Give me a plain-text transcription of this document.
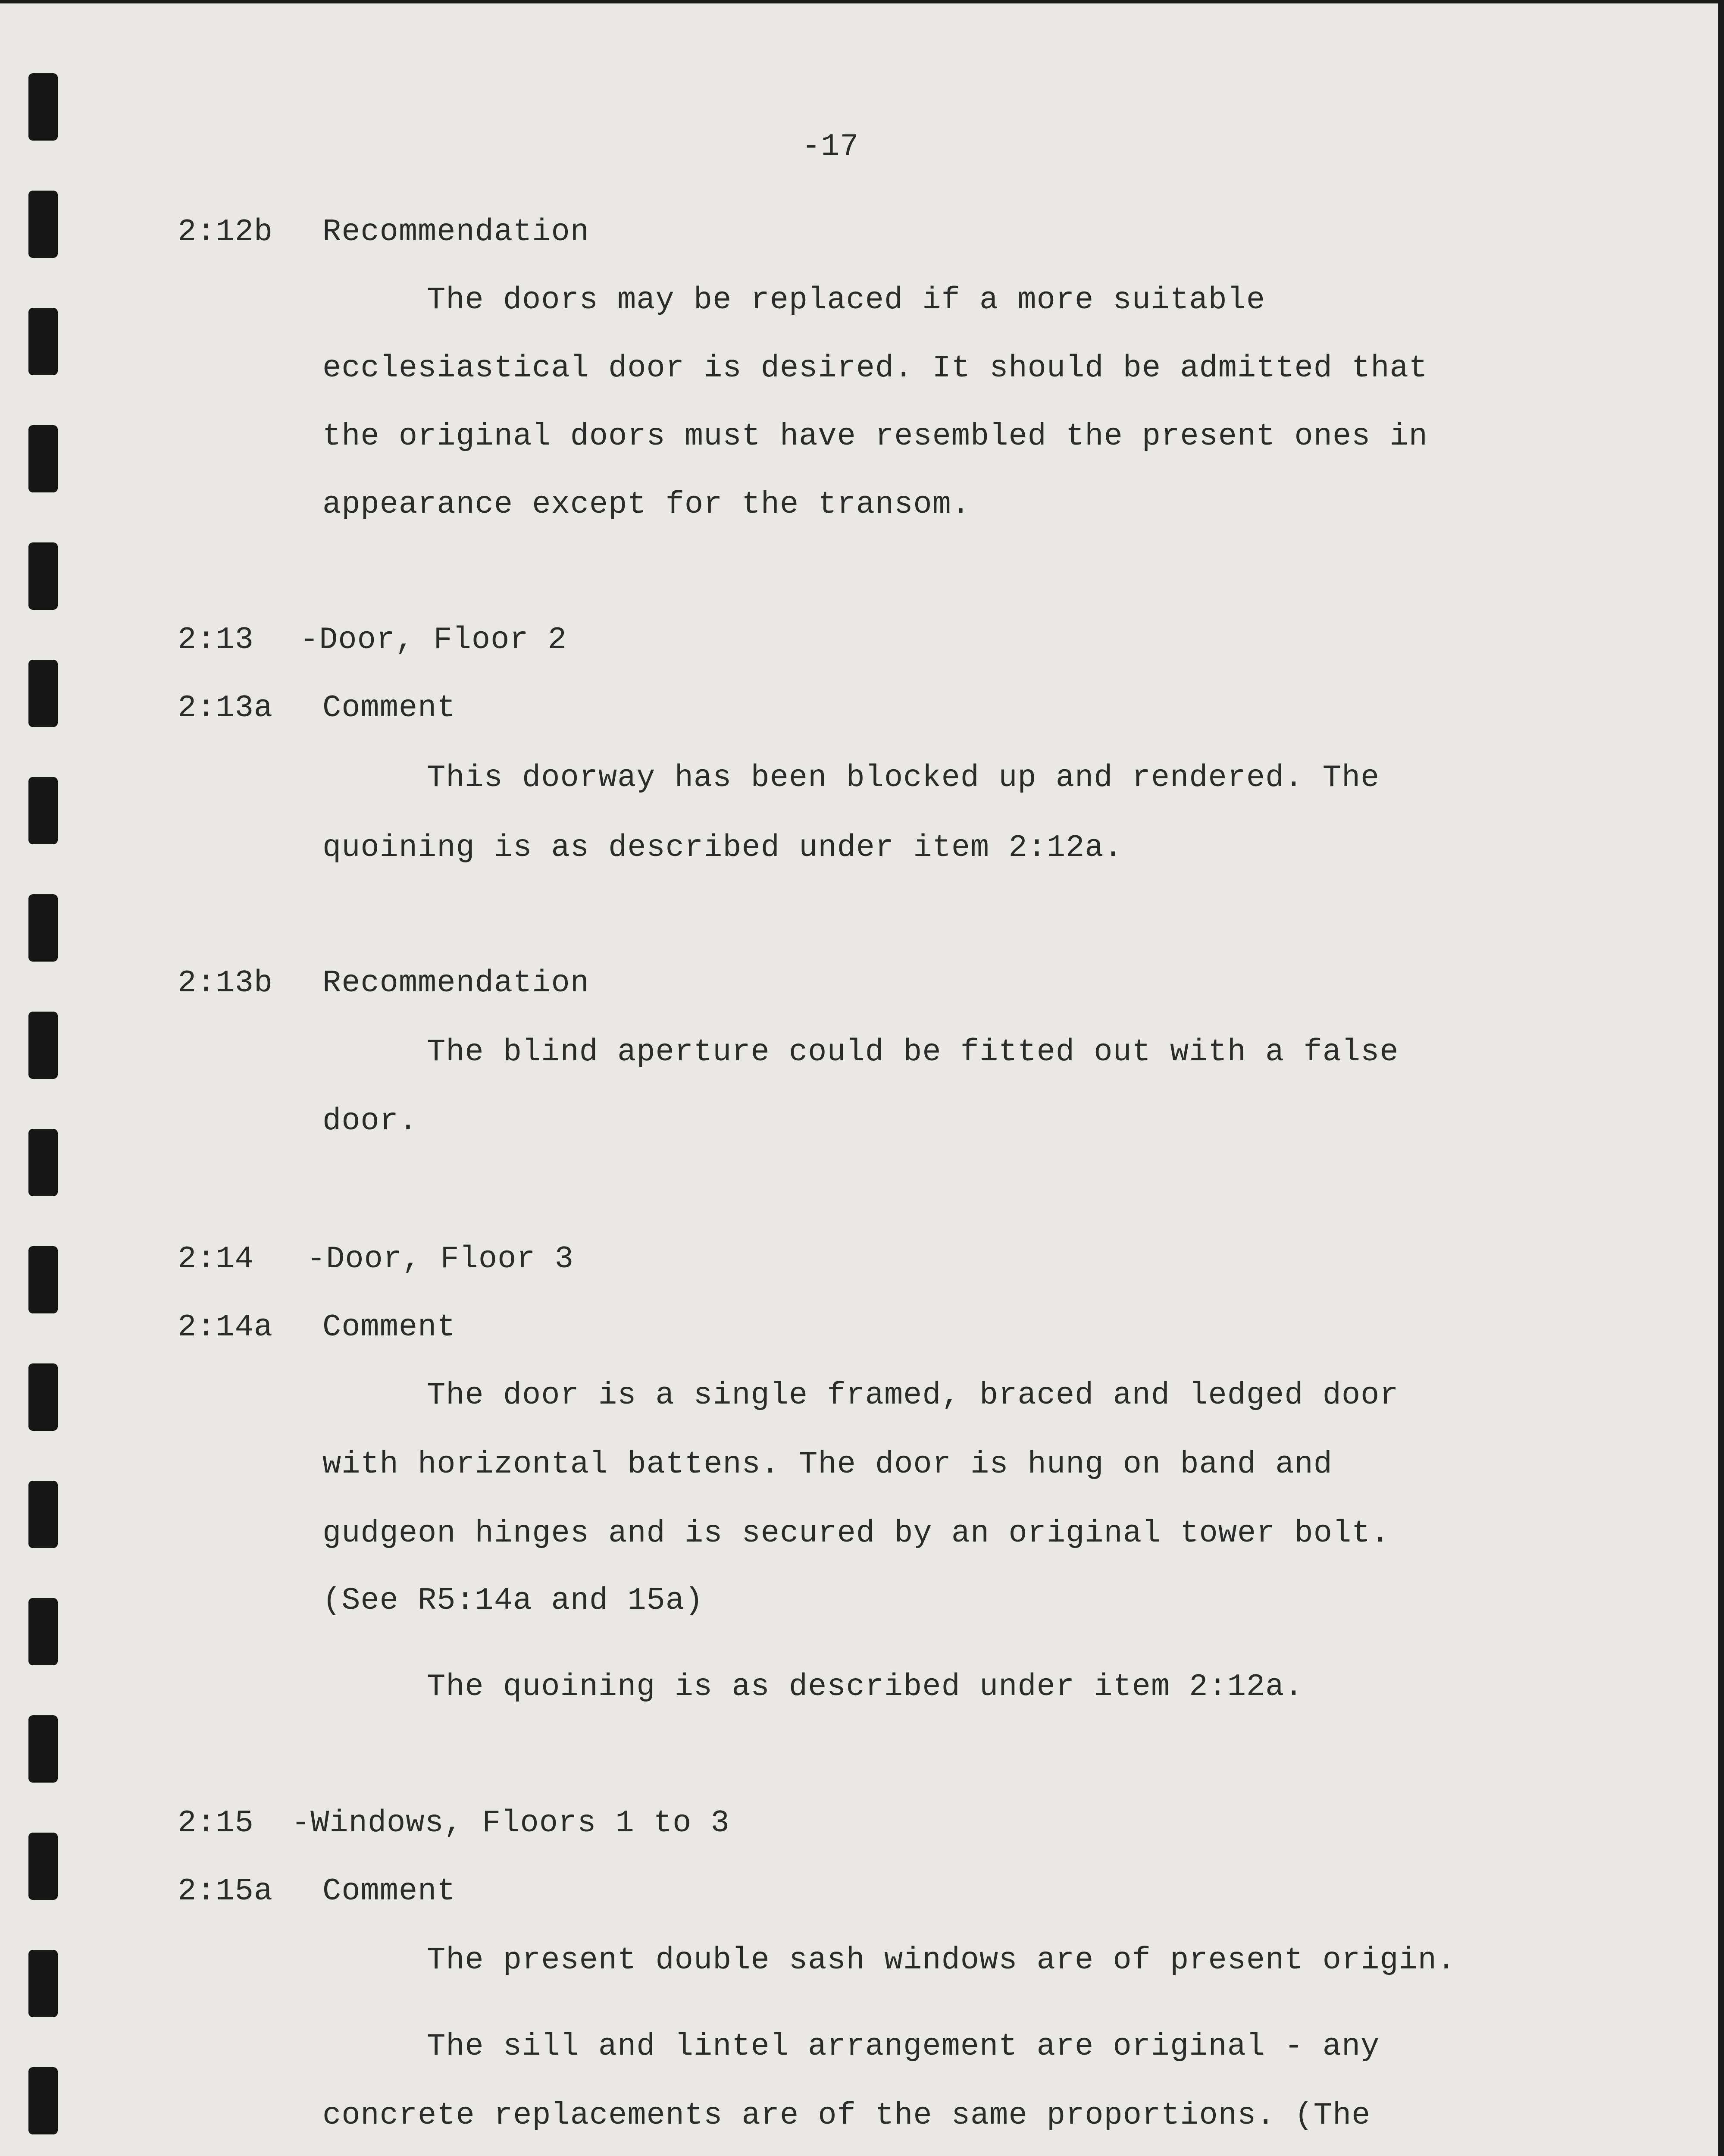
-17
2:12b Recommendation
The doors may be replaced if a more suitable
ecclesiastical door is desired. It should be admitted that
the original doors must have resembled the present ones in
appearance except for the transom.
2:13 -Door, Floor 2
2:13a Comment
This doorway has been blocked up and rendered. The
quoining is as described under item 2:12a.
2:13b Recommendation
The blind aperture could be fitted out with a false
door.
2:14 -Door, Floor 3
2:14a Comment
The door is a single framed, braced and ledged door
with horizontal battens. The door is hung on band and
gudgeon hinges and is secured by an original tower bolt.
(See R5:14a and 15a)
The quoining is as described under item 2:12a.
2:15 -Windows, Floors 1 to 3
2:15a Comment
The present double sash windows are of present origin.
The sill and lintel arrangement are original - any
concrete replacements are of the same proportions. (The
